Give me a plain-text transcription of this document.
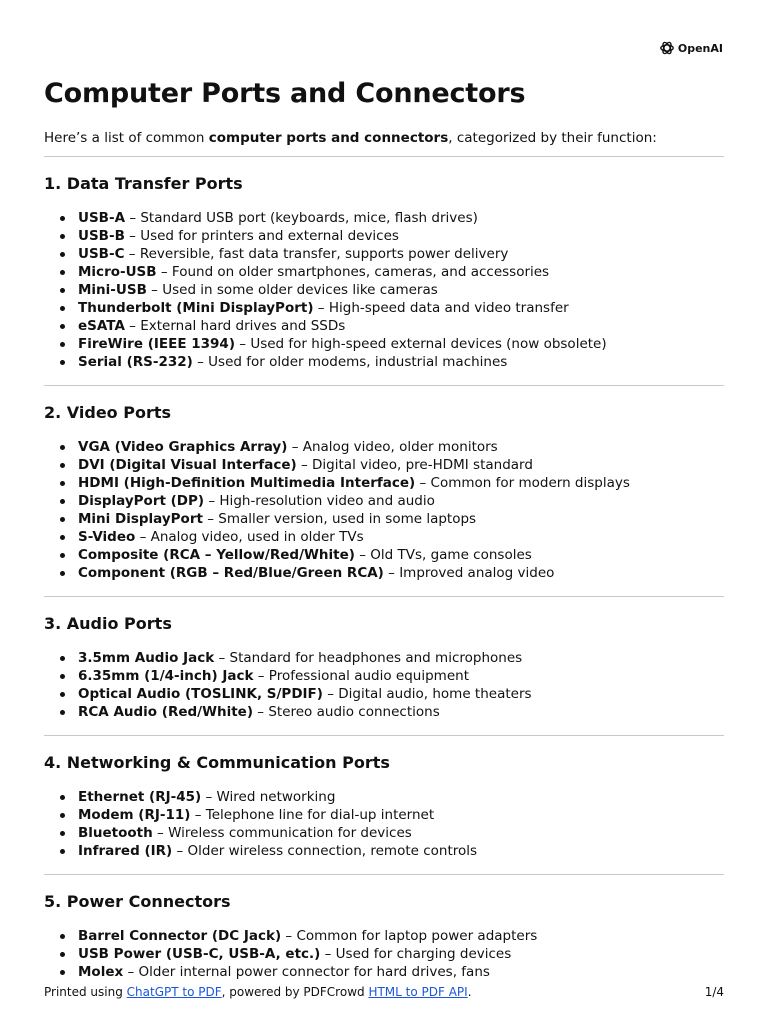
OpenAI
Computer Ports and Connectors

Here’s a list of common computer ports and connectors, categorized by their function:

1. Data Transfer Ports
USB-A – Standard USB port (keyboards, mice, flash drives)
USB-B – Used for printers and external devices
USB-C – Reversible, fast data transfer, supports power delivery
Micro-USB – Found on older smartphones, cameras, and accessories
Mini-USB – Used in some older devices like cameras
Thunderbolt (Mini DisplayPort) – High-speed data and video transfer
eSATA – External hard drives and SSDs
FireWire (IEEE 1394) – Used for high-speed external devices (now obsolete)
Serial (RS-232) – Used for older modems, industrial machines
2. Video Ports
VGA (Video Graphics Array) – Analog video, older monitors
DVI (Digital Visual Interface) – Digital video, pre-HDMI standard
HDMI (High-Definition Multimedia Interface) – Common for modern displays
DisplayPort (DP) – High-resolution video and audio
Mini DisplayPort – Smaller version, used in some laptops
S-Video – Analog video, used in older TVs
Composite (RCA – Yellow/Red/White) – Old TVs, game consoles
Component (RGB – Red/Blue/Green RCA) – Improved analog video
3. Audio Ports
3.5mm Audio Jack – Standard for headphones and microphones
6.35mm (1/4-inch) Jack – Professional audio equipment
Optical Audio (TOSLINK, S/PDIF) – Digital audio, home theaters
RCA Audio (Red/White) – Stereo audio connections
4. Networking & Communication Ports
Ethernet (RJ-45) – Wired networking
Modem (RJ-11) – Telephone line for dial-up internet
Bluetooth – Wireless communication for devices
Infrared (IR) – Older wireless connection, remote controls
5. Power Connectors
Barrel Connector (DC Jack) – Common for laptop power adapters
USB Power (USB-C, USB-A, etc.) – Used for charging devices
Molex – Older internal power connector for hard drives, fans
Printed using ChatGPT to PDF, powered by PDFCrowd HTML to PDF API.	1/4
